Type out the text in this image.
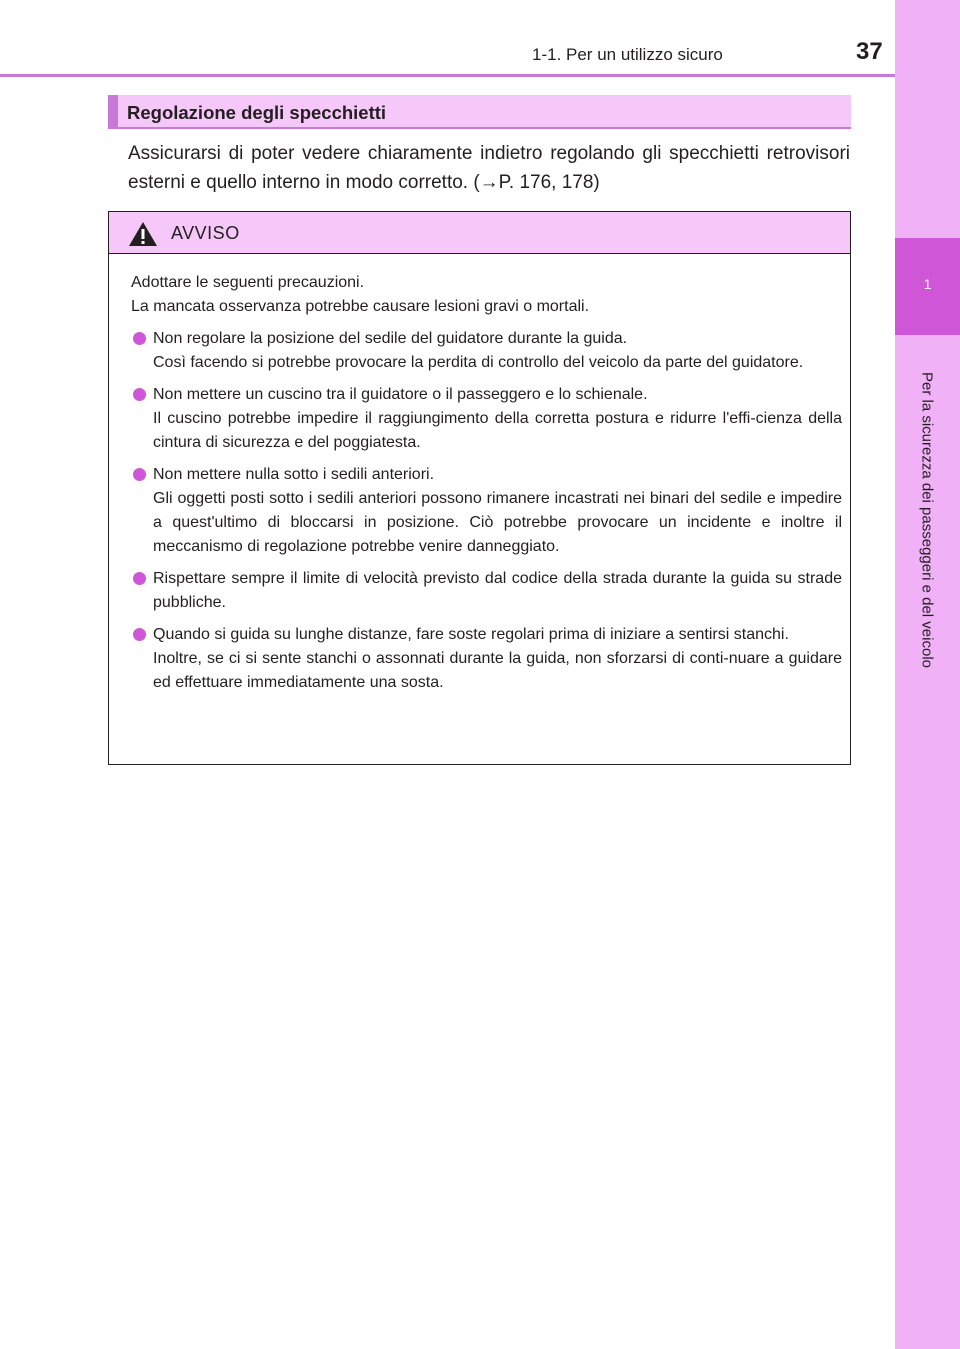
1-1. Per un utilizzo sicuro	37
1
Per la sicurezza dei passeggeri e del veicolo
Regolazione degli specchietti

Assicurarsi di poter vedere chiaramente indietro regolando gli specchietti retrovisori esterni e quello interno in modo corretto. (→P. 176, 178)

AVVISO

Adottare le seguenti precauzioni.

La mancata osservanza potrebbe causare lesioni gravi o mortali.

Non regolare la posizione del sedile del guidatore durante la guida.

Così facendo si potrebbe provocare la perdita di controllo del veicolo da parte del guidatore.

Non mettere un cuscino tra il guidatore o il passeggero e lo schienale.

Il cuscino potrebbe impedire il raggiungimento della corretta postura e ridurre l'effi-cienza della cintura di sicurezza e del poggiatesta.

Non mettere nulla sotto i sedili anteriori.

Gli oggetti posti sotto i sedili anteriori possono rimanere incastrati nei binari del sedile e impedire a quest'ultimo di bloccarsi in posizione. Ciò potrebbe provocare un incidente e inoltre il meccanismo di regolazione potrebbe venire danneggiato.

Rispettare sempre il limite di velocità previsto dal codice della strada durante la guida su strade pubbliche.

Quando si guida su lunghe distanze, fare soste regolari prima di iniziare a sentirsi stanchi.

Inoltre, se ci si sente stanchi o assonnati durante la guida, non sforzarsi di conti-nuare a guidare ed effettuare immediatamente una sosta.
